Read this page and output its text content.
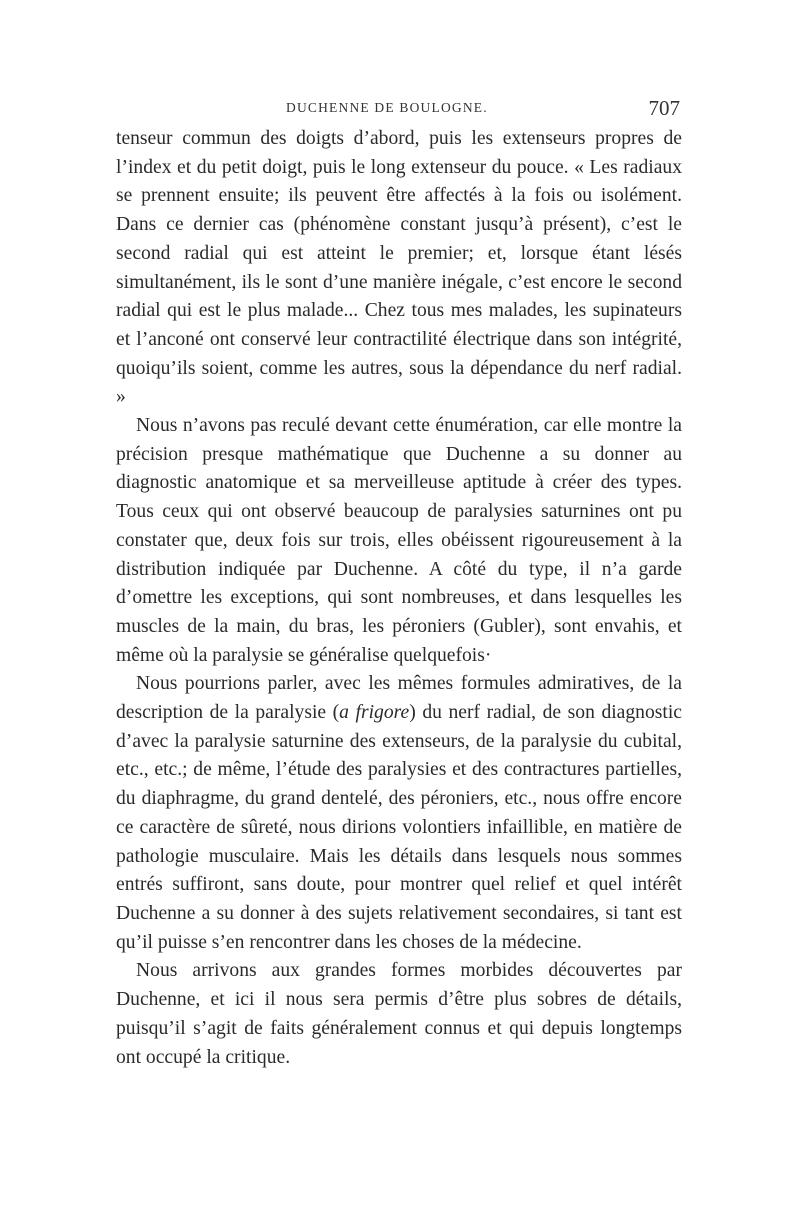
DUCHENNE DE BOULOGNE.	707

tenseur commun des doigts d’abord, puis les extenseurs propres de l’index et du petit doigt, puis le long extenseur du pouce. « Les radiaux se prennent ensuite; ils peuvent être affectés à la fois ou isolément. Dans ce dernier cas (phénomène constant jusqu’à présent), c’est le second radial qui est atteint le premier; et, lorsque étant lésés simultanément, ils le sont d’une manière inégale, c’est encore le second radial qui est le plus malade... Chez tous mes malades, les supinateurs et l’anconé ont conservé leur contractilité électrique dans son intégrité, quoiqu’ils soient, comme les autres, sous la dépendance du nerf radial. »

Nous n’avons pas reculé devant cette énumération, car elle montre la précision presque mathématique que Duchenne a su donner au diagnostic anatomique et sa merveilleuse aptitude à créer des types. Tous ceux qui ont observé beaucoup de paralysies saturnines ont pu constater que, deux fois sur trois, elles obéissent rigoureusement à la distribution indiquée par Duchenne. A côté du type, il n’a garde d’omettre les exceptions, qui sont nombreuses, et dans lesquelles les muscles de la main, du bras, les péroniers (Gubler), sont envahis, et même où la paralysie se généralise quelquefois·

Nous pourrions parler, avec les mêmes formules admiratives, de la description de la paralysie (a frigore) du nerf radial, de son diagnostic d’avec la paralysie saturnine des extenseurs, de la paralysie du cubital, etc., etc.; de même, l’étude des paralysies et des contractures partielles, du diaphragme, du grand dentelé, des péroniers, etc., nous offre encore ce caractère de sûreté, nous dirions volontiers infaillible, en matière de pathologie musculaire. Mais les détails dans lesquels nous sommes entrés suffiront, sans doute, pour montrer quel relief et quel intérêt Duchenne a su donner à des sujets relativement secondaires, si tant est qu’il puisse s’en rencontrer dans les choses de la médecine.

Nous arrivons aux grandes formes morbides découvertes par Duchenne, et ici il nous sera permis d’être plus sobres de détails, puisqu’il s’agit de faits généralement connus et qui depuis longtemps ont occupé la critique.
